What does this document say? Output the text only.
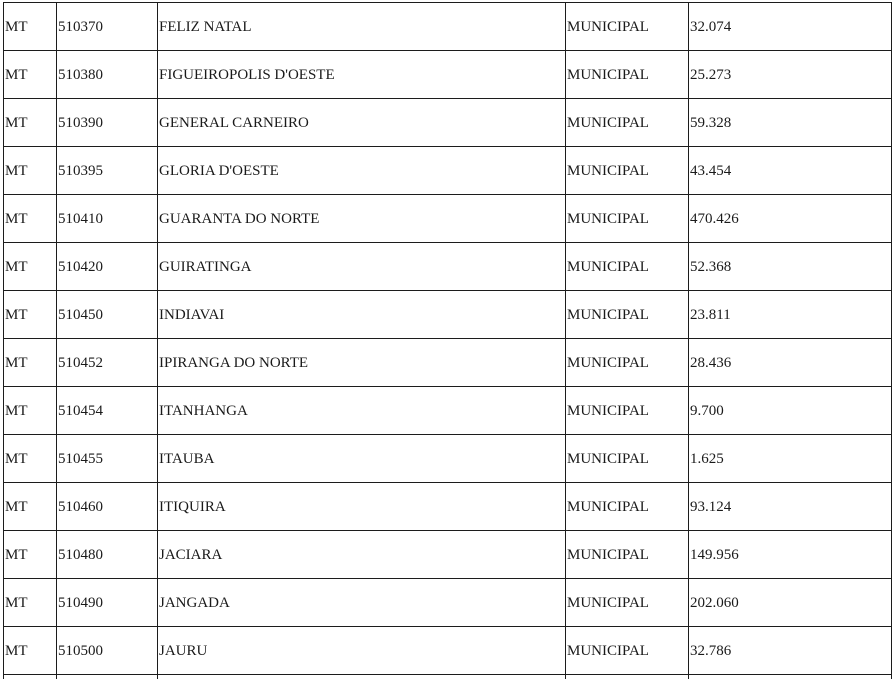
MT	510370	FELIZ NATAL	MUNICIPAL	32.074
MT	510380	FIGUEIROPOLIS D'OESTE	MUNICIPAL	25.273
MT	510390	GENERAL CARNEIRO	MUNICIPAL	59.328
MT	510395	GLORIA D'OESTE	MUNICIPAL	43.454
MT	510410	GUARANTA DO NORTE	MUNICIPAL	470.426
MT	510420	GUIRATINGA	MUNICIPAL	52.368
MT	510450	INDIAVAI	MUNICIPAL	23.811
MT	510452	IPIRANGA DO NORTE	MUNICIPAL	28.436
MT	510454	ITANHANGA	MUNICIPAL	9.700
MT	510455	ITAUBA	MUNICIPAL	1.625
MT	510460	ITIQUIRA	MUNICIPAL	93.124
MT	510480	JACIARA	MUNICIPAL	149.956
MT	510490	JANGADA	MUNICIPAL	202.060
MT	510500	JAURU	MUNICIPAL	32.786
